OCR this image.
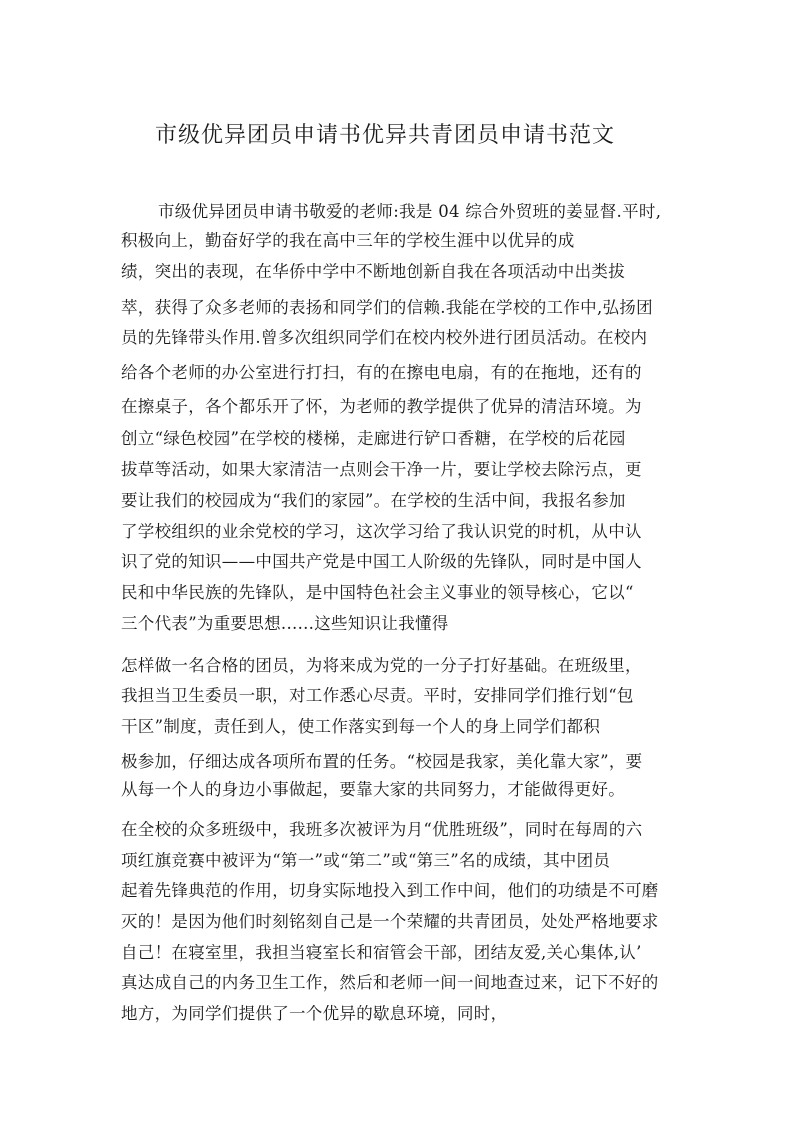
市级优异团员申请书优异共青团员申请书范文

市级优异团员申请书敬爱的老师:我是 04 综合外贸班的姜显督.平时,

积极向上，勤奋好学的我在高中三年的学校生涯中以优异的成

绩，突出的表现，在华侨中学中不断地创新自我在各项活动中出类拔

萃，获得了众多老师的表扬和同学们的信赖.我能在学校的工作中,弘扬团

员的先锋带头作用.曾多次组织同学们在校内校外进行团员活动。在校内

给各个老师的办公室进行打扫，有的在擦电电扇，有的在拖地，还有的

在擦桌子，各个都乐开了怀，为老师的教学提供了优异的清洁环境。为

创立“绿色校园”在学校的楼梯，走廊进行铲口香糖，在学校的后花园

拔草等活动，如果大家清洁一点则会干净一片，要让学校去除污点，更

要让我们的校园成为“我们的家园”。在学校的生活中间，我报名参加

了学校组织的业余党校的学习，这次学习给了我认识党的时机，从中认

识了党的知识——中国共产党是中国工人阶级的先锋队，同时是中国人

民和中华民族的先锋队，是中国特色社会主义事业的领导核心，它以“

三个代表”为重要思想......这些知识让我懂得

怎样做一名合格的团员，为将来成为党的一分子打好基础。在班级里，

我担当卫生委员一职，对工作悉心尽责。平时，安排同学们推行划“包

干区”制度，责任到人，使工作落实到每一个人的身上同学们都积

极参加，仔细达成各项所布置的任务。“校园是我家，美化靠大家”，要

从每一个人的身边小事做起，要靠大家的共同努力，才能做得更好。

在全校的众多班级中，我班多次被评为月“优胜班级”，同时在每周的六

项红旗竞赛中被评为“第一”或“第二”或“第三”名的成绩，其中团员

起着先锋典范的作用，切身实际地投入到工作中间，他们的功绩是不可磨

灭的！是因为他们时刻铭刻自己是一个荣耀的共青团员，处处严格地要求

自己！在寝室里，我担当寝室长和宿管会干部，团结友爱,关心集体,认’

真达成自己的内务卫生工作，然后和老师一间一间地查过来，记下不好的

地方，为同学们提供了一个优异的歇息环境，同时，
